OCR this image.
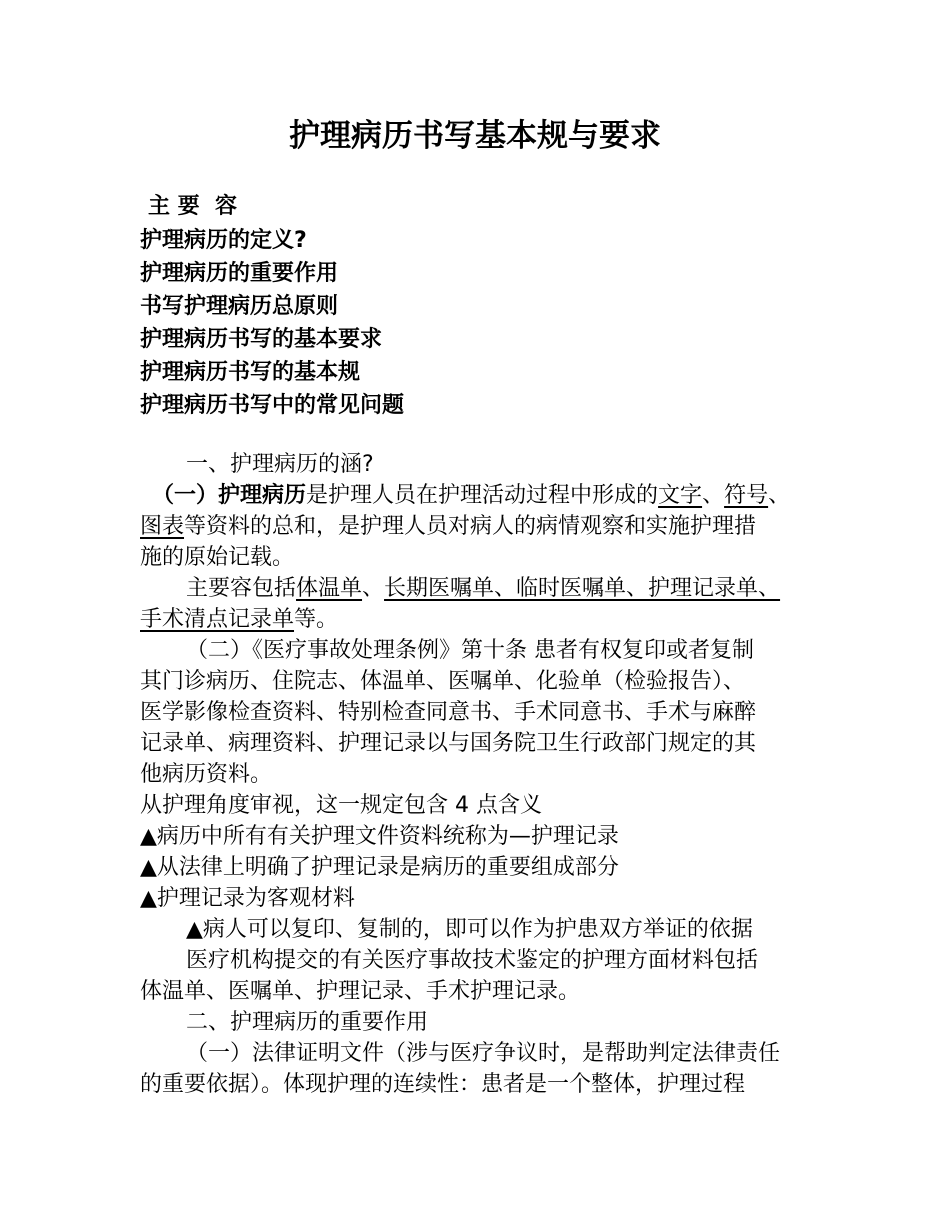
护理病历书写基本规与要求
主 要  容
护理病历的定义?
护理病历的重要作用
书写护理病历总原则
护理病历书写的基本要求
护理病历书写的基本规
护理病历书写中的常见问题
一、护理病历的涵?
（一）护理病历是护理人员在护理活动过程中形成的文字、符号、
图表等资料的总和，是护理人员对病人的病情观察和实施护理措
施的原始记载。
主要容包括体温单、长期医嘱单、临时医嘱单、护理记录单、
手术清点记录单等。
（二）《医疗事故处理条例》第十条 患者有权复印或者复制
其门诊病历、住院志、体温单、医嘱单、化验单（检验报告）、
医学影像检查资料、特别检查同意书、手术同意书、手术与麻醉
记录单、病理资料、护理记录以与国务院卫生行政部门规定的其
他病历资料。
从护理角度审视，这一规定包含 4 点含义
▲病历中所有有关护理文件资料统称为—护理记录
▲从法律上明确了护理记录是病历的重要组成部分
▲护理记录为客观材料
▲病人可以复印、复制的，即可以作为护患双方举证的依据
医疗机构提交的有关医疗事故技术鉴定的护理方面材料包括
体温单、医嘱单、护理记录、手术护理记录。
二、护理病历的重要作用
（一）法律证明文件（涉与医疗争议时，是帮助判定法律责任
的重要依据）。体现护理的连续性：患者是一个整体，护理过程
